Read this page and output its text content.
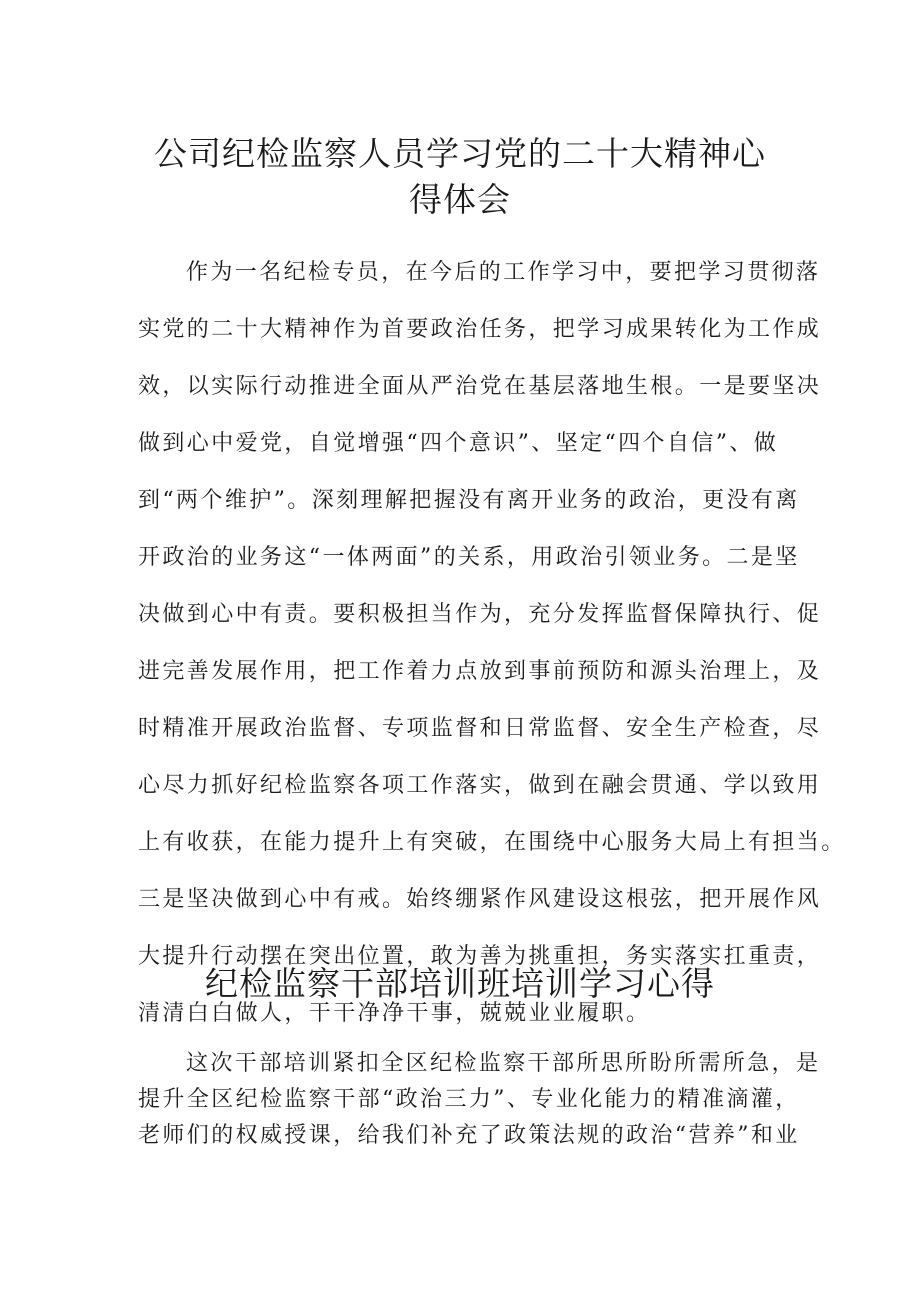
公司纪检监察人员学习党的二十大精神心
得体会
作为一名纪检专员，在今后的工作学习中，要把学习贯彻落
实党的二十大精神作为首要政治任务，把学习成果转化为工作成
效，以实际行动推进全面从严治党在基层落地生根。一是要坚决
做到心中爱党，自觉增强“四个意识”、坚定“四个自信”、做
到“两个维护”。深刻理解把握没有离开业务的政治，更没有离
开政治的业务这“一体两面”的关系，用政治引领业务。二是坚
决做到心中有责。要积极担当作为，充分发挥监督保障执行、促
进完善发展作用，把工作着力点放到事前预防和源头治理上，及
时精准开展政治监督、专项监督和日常监督、安全生产检查，尽
心尽力抓好纪检监察各项工作落实，做到在融会贯通、学以致用
上有收获，在能力提升上有突破，在围绕中心服务大局上有担当。
三是坚决做到心中有戒。始终绷紧作风建设这根弦，把开展作风
大提升行动摆在突出位置，敢为善为挑重担，务实落实扛重责，
清清白白做人，干干净净干事，兢兢业业履职。
纪检监察干部培训班培训学习心得
这次干部培训紧扣全区纪检监察干部所思所盼所需所急，是
提升全区纪检监察干部“政治三力”、专业化能力的精准滴灌，
老师们的权威授课，给我们补充了政策法规的政治“营养”和业
